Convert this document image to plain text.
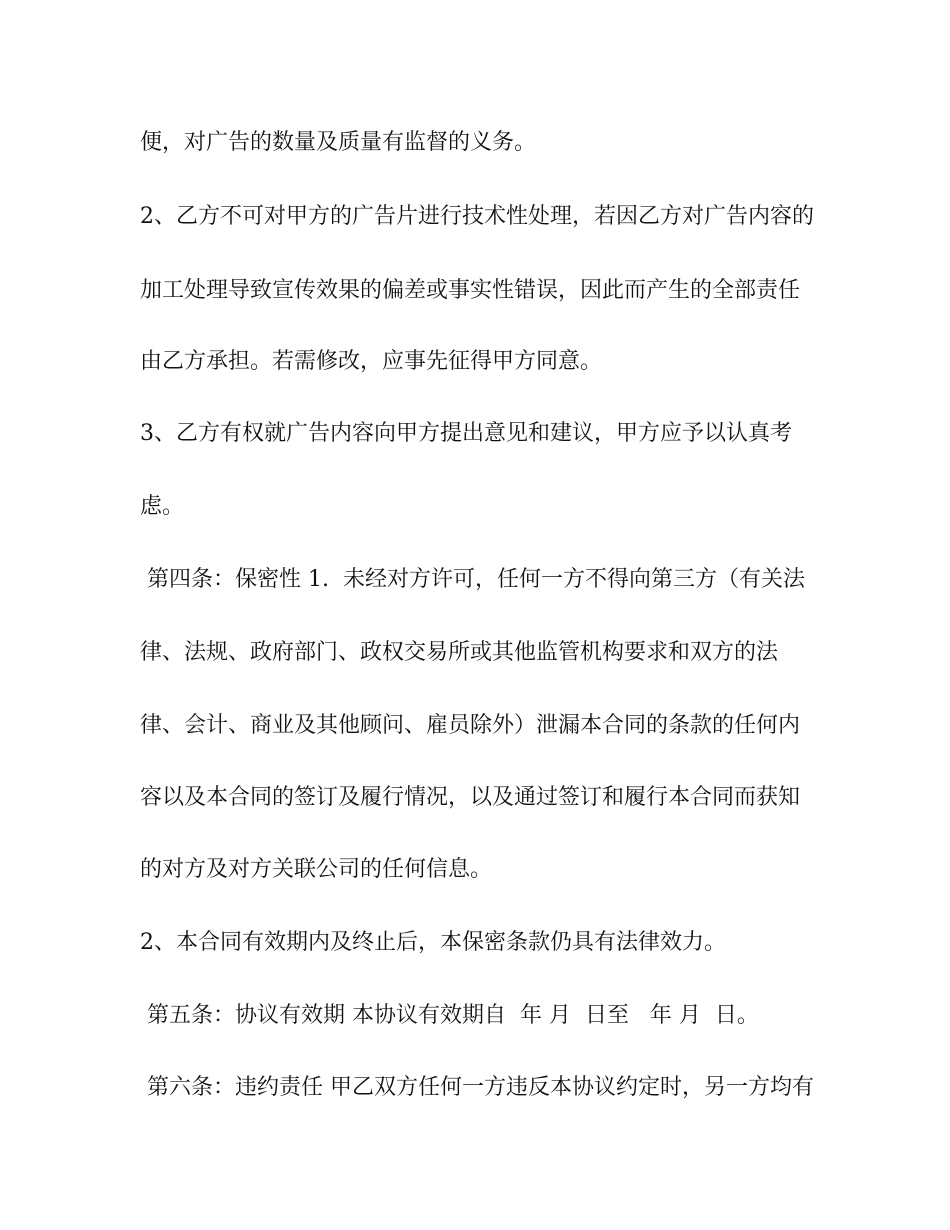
便，对广告的数量及质量有监督的义务。

2、乙方不可对甲方的广告片进行技术性处理，若因乙方对广告内容的

加工处理导致宣传效果的偏差或事实性错误，因此而产生的全部责任

由乙方承担。若需修改，应事先征得甲方同意。

3、乙方有权就广告内容向甲方提出意见和建议，甲方应予以认真考

虑。

第四条：保密性 1.  未经对方许可，任何一方不得向第三方（有关法

律、法规、政府部门、政权交易所或其他监管机构要求和双方的法

律、会计、商业及其他顾问、雇员除外）泄漏本合同的条款的任何内

容以及本合同的签订及履行情况，以及通过签订和履行本合同而获知

的对方及对方关联公司的任何信息。

2、本合同有效期内及终止后，本保密条款仍具有法律效力。

第五条：协议有效期 本协议有效期自  年 月  日至   年 月  日。

第六条：违约责任 甲乙双方任何一方违反本协议约定时，另一方均有
